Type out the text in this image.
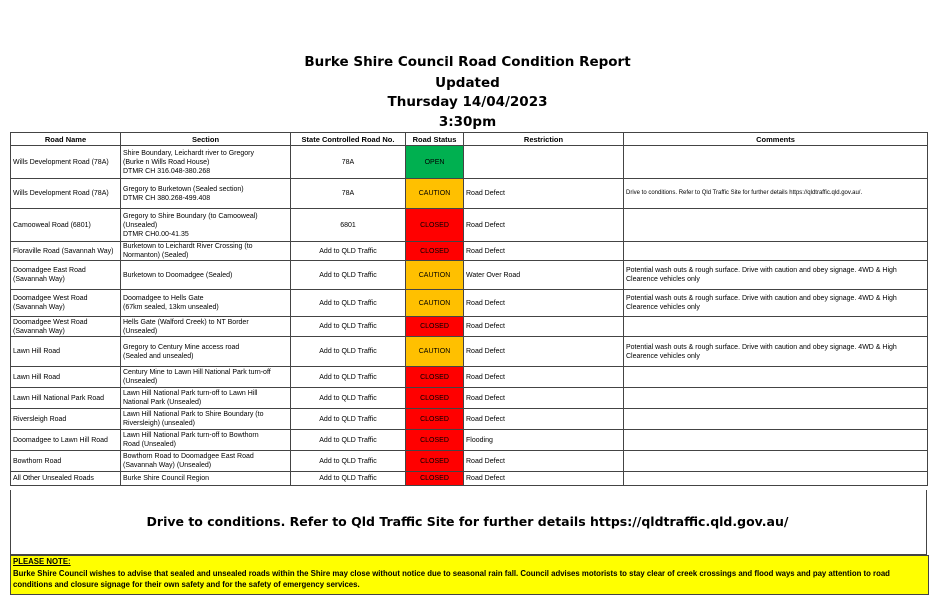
Burke Shire Council Road Condition Report
Updated
Thursday 14/04/2023
3:30pm
Road Name	Section	State Controlled Road No.	Road Status	Restriction	Comments
Wills Development Road (78A)	Shire Boundary, Leichardt river to Gregory
(Burke n Wills Road House)
DTMR CH 316.048-380.268	78A	OPEN		
Wills Development Road (78A)	Gregory to Burketown (Sealed section)
DTMR CH 380.268-499.408	78A	CAUTION	Road Defect	Drive to conditions. Refer to Qld Traffic Site for further details https://qldtraffic.qld.gov.au/.
Camooweal Road (6801)	Gregory to Shire Boundary (to Camooweal)
(Unsealed)
DTMR CH0.00-41.35	6801	CLOSED	Road Defect	
Floraville Road (Savannah Way)	Burketown to Leichardt River Crossing (to Normanton) (Sealed)	Add to QLD Traffic	CLOSED	Road Defect	
Doomadgee East Road (Savannah Way)	Burketown to Doomadgee (Sealed)	Add to QLD Traffic	CAUTION	Water Over Road	Potential wash outs & rough surface. Drive with caution and obey signage. 4WD & High Clearence vehicles only
Doomadgee West Road (Savannah Way)	Doomadgee to Hells Gate
(67km sealed, 13km unsealed)	Add to QLD Traffic	CAUTION	Road Defect	Potential wash outs & rough surface. Drive with caution and obey signage. 4WD & High Clearence vehicles only
Doomadgee West Road (Savannah Way)	Hells Gate (Walford Creek) to NT Border
(Unsealed)	Add to QLD Traffic	CLOSED	Road Defect	
Lawn Hill Road	Gregory to Century Mine access road
(Sealed and unsealed)	Add to QLD Traffic	CAUTION	Road Defect	Potential wash outs & rough surface. Drive with caution and obey signage. 4WD & High Clearence vehicles only
Lawn Hill Road	Century Mine to Lawn Hill National Park turn-off
(Unsealed)	Add to QLD Traffic	CLOSED	Road Defect	
Lawn Hill National Park Road	Lawn Hill National Park turn-off to Lawn Hill
National Park (Unsealed)	Add to QLD Traffic	CLOSED	Road Defect	
Riversleigh Road	Lawn Hill National Park to Shire Boundary (to
Riversleigh) (unsealed)	Add to QLD Traffic	CLOSED	Road Defect	
Doomadgee to Lawn Hill Road	Lawn Hill National Park turn-off to Bowthorn
Road (Unsealed)	Add to QLD Traffic	CLOSED	Flooding	
Bowthorn Road	Bowthorn Road to Doomadgee East Road
(Savannah Way) (Unsealed)	Add to QLD Traffic	CLOSED	Road Defect	
All Other Unsealed Roads	Burke Shire Council Region	Add to QLD Traffic	CLOSED	Road Defect	
Drive to conditions. Refer to Qld Traffic Site for further details https://qldtraffic.qld.gov.au/
PLEASE NOTE:
Burke Shire Council wishes to advise that sealed and unsealed roads within the Shire may close without notice due to seasonal rain fall. Council advises motorists to stay clear of creek crossings and flood ways and pay attention to road conditions and closure signage for their own safety and for the safety of emergency services.
